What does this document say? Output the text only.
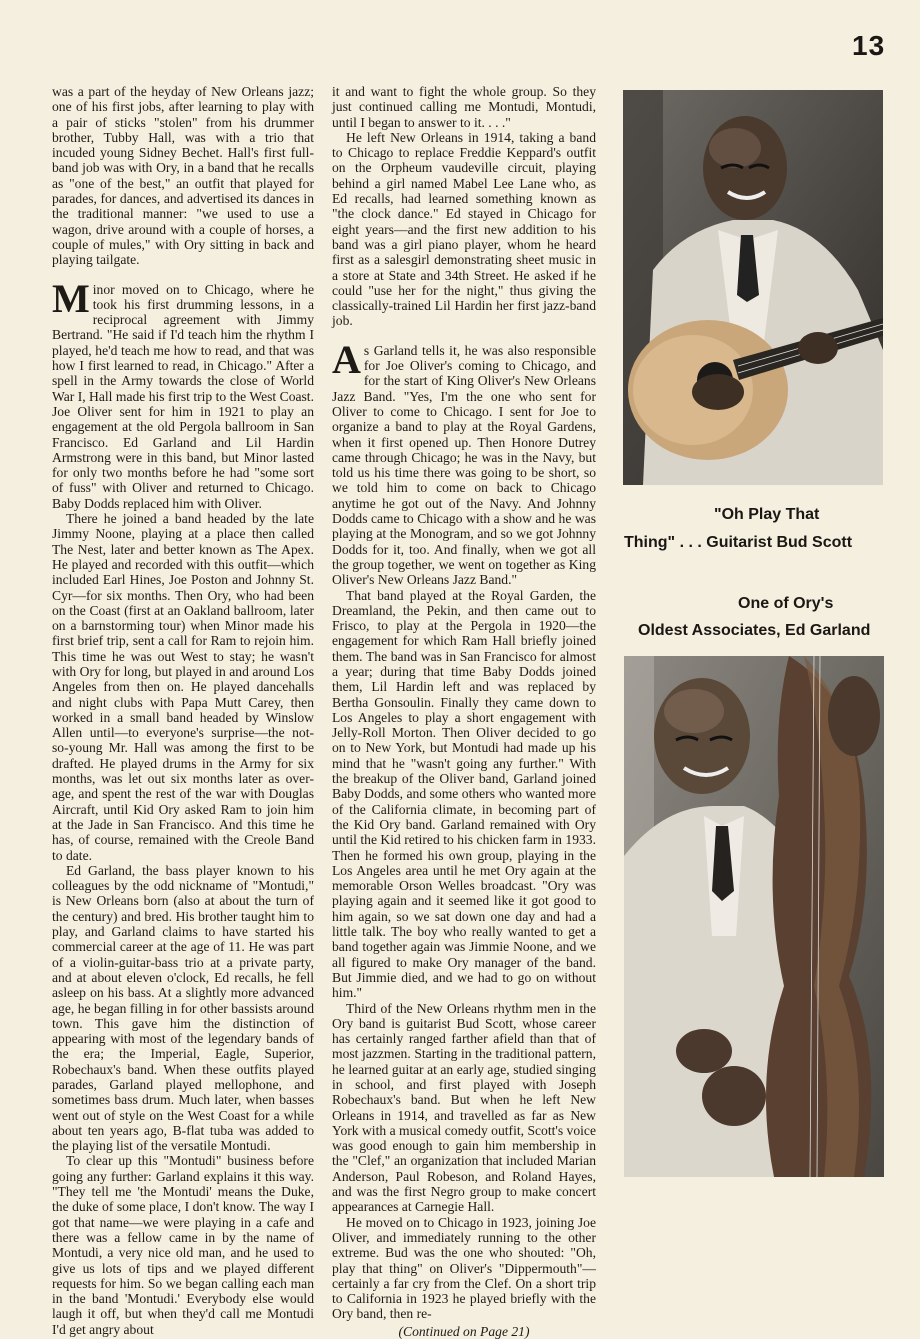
13

was a part of the heyday of New Orleans jazz; one of his first jobs, after learning to play with a pair of sticks "stolen" from his drummer brother, Tubby Hall, was with a trio that incuded young Sidney Bechet. Hall's first full-band job was with Ory, in a band that he recalls as "one of the best," an outfit that played for parades, for dances, and advertised its dances in the traditional manner: "we used to use a wagon, drive around with a couple of horses, a couple of mules," with Ory sitting in back and playing tailgate.

Minor moved on to Chicago, where he took his first drumming lessons, in a reciprocal agreement with Jimmy Bertrand. "He said if I'd teach him the rhythm I played, he'd teach me how to read, and that was how I first learned to read, in Chicago." After a spell in the Army towards the close of World War I, Hall made his first trip to the West Coast. Joe Oliver sent for him in 1921 to play an engagement at the old Pergola ballroom in San Francisco. Ed Garland and Lil Hardin Armstrong were in this band, but Minor lasted for only two months before he had "some sort of fuss" with Oliver and returned to Chicago. Baby Dodds replaced him with Oliver.

There he joined a band headed by the late Jimmy Noone, playing at a place then called The Nest, later and better known as The Apex. He played and recorded with this outfit—which included Earl Hines, Joe Poston and Johnny St. Cyr—for six months. Then Ory, who had been on the Coast (first at an Oakland ballroom, later on a barnstorming tour) when Minor made his first brief trip, sent a call for Ram to rejoin him. This time he was out West to stay; he wasn't with Ory for long, but played in and around Los Angeles from then on. He played dancehalls and night clubs with Papa Mutt Carey, then worked in a small band headed by Winslow Allen until—to everyone's surprise—the not-so-young Mr. Hall was among the first to be drafted. He played drums in the Army for six months, was let out six months later as over-age, and spent the rest of the war with Douglas Aircraft, until Kid Ory asked Ram to join him at the Jade in San Francisco. And this time he has, of course, remained with the Creole Band to date.

Ed Garland, the bass player known to his colleagues by the odd nickname of "Montudi," is New Orleans born (also at about the turn of the century) and bred. His brother taught him to play, and Garland claims to have started his commercial career at the age of 11. He was part of a violin-guitar-bass trio at a private party, and at about eleven o'clock, Ed recalls, he fell asleep on his bass. At a slightly more advanced age, he began filling in for other bassists around town. This gave him the distinction of appearing with most of the legendary bands of the era; the Imperial, Eagle, Superior, Robechaux's band. When these outfits played parades, Garland played mellophone, and sometimes bass drum. Much later, when basses went out of style on the West Coast for a while about ten years ago, B-flat tuba was added to the playing list of the versatile Montudi.

To clear up this "Montudi" business before going any further: Garland explains it this way. "They tell me 'the Montudi' means the Duke, the duke of some place, I don't know. The way I got that name—we were playing in a cafe and there was a fellow came in by the name of Montudi, a very nice old man, and he used to give us lots of tips and we played different requests for him. So we began calling each man in the band 'Montudi.' Everybody else would laugh it off, but when they'd call me Montudi I'd get angry about

it and want to fight the whole group. So they just continued calling me Montudi, Montudi, until I began to answer to it. . . ."

He left New Orleans in 1914, taking a band to Chicago to replace Freddie Keppard's outfit on the Orpheum vaudeville circuit, playing behind a girl named Mabel Lee Lane who, as Ed recalls, had learned something known as "the clock dance." Ed stayed in Chicago for eight years—and the first new addition to his band was a girl piano player, whom he heard first as a salesgirl demonstrating sheet music in a store at State and 34th Street. He asked if he could "use her for the night," thus giving the classically-trained Lil Hardin her first jazz-band job.

As Garland tells it, he was also responsible for Joe Oliver's coming to Chicago, and for the start of King Oliver's New Orleans Jazz Band. "Yes, I'm the one who sent for Oliver to come to Chicago. I sent for Joe to organize a band to play at the Royal Gardens, when it first opened up. Then Honore Dutrey came through Chicago; he was in the Navy, but told us his time there was going to be short, so we told him to come on back to Chicago anytime he got out of the Navy. And Johnny Dodds came to Chicago with a show and he was playing at the Monogram, and so we got Johnny Dodds for it, too. And finally, when we got all the group together, we went on together as King Oliver's New Orleans Jazz Band."

That band played at the Royal Garden, the Dreamland, the Pekin, and then came out to Frisco, to play at the Pergola in 1920—the engagement for which Ram Hall briefly joined them. The band was in San Francisco for almost a year; during that time Baby Dodds joined them, Lil Hardin left and was replaced by Bertha Gonsoulin. Finally they came down to Los Angeles to play a short engagement with Jelly-Roll Morton. Then Oliver decided to go on to New York, but Montudi had made up his mind that he "wasn't going any further." With the breakup of the Oliver band, Garland joined Baby Dodds, and some others who wanted more of the California climate, in becoming part of the Kid Ory band. Garland remained with Ory until the Kid retired to his chicken farm in 1933. Then he formed his own group, playing in the Los Angeles area until he met Ory again at the memorable Orson Welles broadcast. "Ory was playing again and it seemed like it got good to him again, so we sat down one day and had a little talk. The boy who really wanted to get a band together again was Jimmie Noone, and we all figured to make Ory manager of the band. But Jimmie died, and we had to go on without him."

Third of the New Orleans rhythm men in the Ory band is guitarist Bud Scott, whose career has certainly ranged farther afield than that of most jazzmen. Starting in the traditional pattern, he learned guitar at an early age, studied singing in school, and first played with Joseph Robechaux's band. But when he left New Orleans in 1914, and travelled as far as New York with a musical comedy outfit, Scott's voice was good enough to gain him membership in the "Clef," an organization that included Marian Anderson, Paul Robeson, and Roland Hayes, and was the first Negro group to make concert appearances at Carnegie Hall.

He moved on to Chicago in 1923, joining Joe Oliver, and immediately running to the other extreme. Bud was the one who shouted: "Oh, play that thing" on Oliver's "Dippermouth"—certainly a far cry from the Clef. On a short trip to California in 1923 he played briefly with the Ory band, then re-

(Continued on Page 21)

"Oh Play That
Thing" . . . Guitarist Bud Scott
One of Ory's
Oldest Associates, Ed Garland
